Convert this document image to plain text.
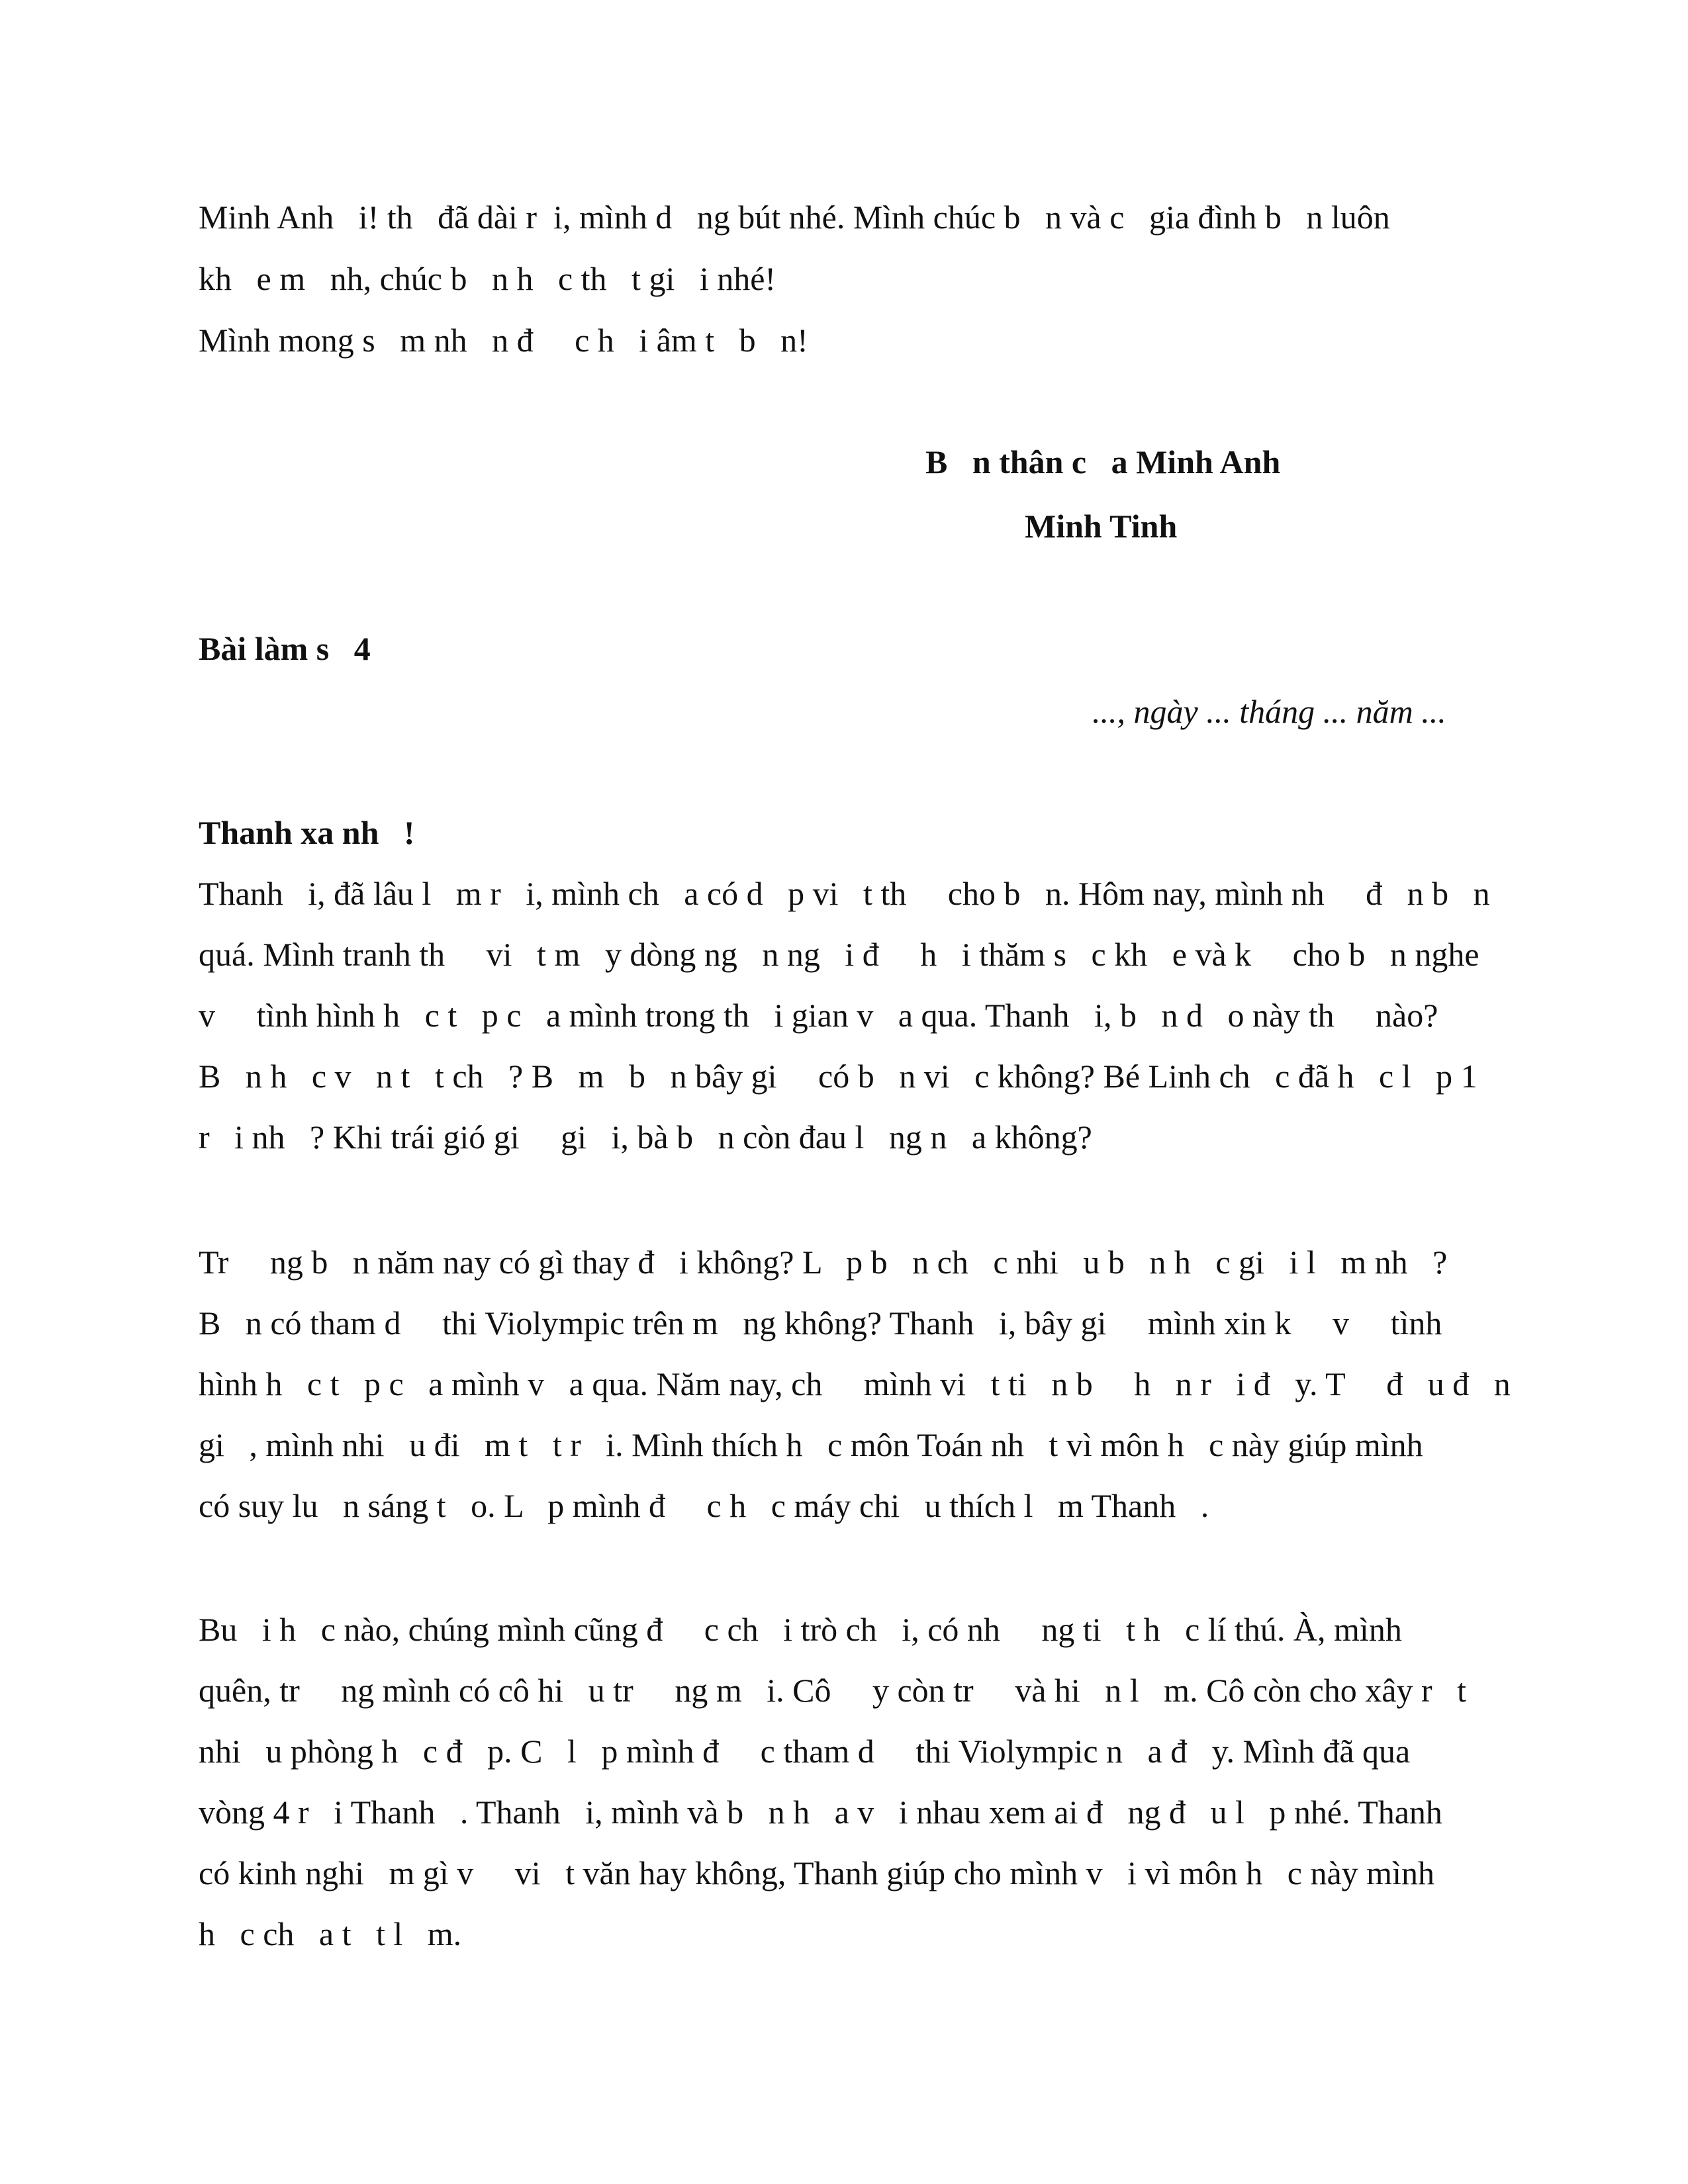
Minh Anh   i! th   đã dài r  i, mình d   ng bút nhé. Mình chúc b   n và c   gia đình b   n luôn

kh   e m   nh, chúc b   n h   c th   t gi   i nhé!

Mình mong s   m nh   n đ     c h   i âm t   b   n!

B   n thân c   a Minh Anh

Minh Tinh

Bài làm s   4

..., ngày ... tháng ... năm ...

Thanh xa nh   !

Thanh   i, đã lâu l   m r   i, mình ch   a có d   p vi   t th     cho b   n. Hôm nay, mình nh     đ   n b   n

quá. Mình tranh th     vi   t m   y dòng ng   n ng   i đ     h   i thăm s   c kh   e và k     cho b   n nghe

v     tình hình h   c t   p c   a mình trong th   i gian v   a qua. Thanh   i, b   n d   o này th     nào?

B   n h   c v   n t   t ch   ? B   m   b   n bây gi     có b   n vi   c không? Bé Linh ch   c đã h   c l   p 1

r   i nh   ? Khi trái gió gi     gi   i, bà b   n còn đau l   ng n   a không?

Tr     ng b   n năm nay có gì thay đ   i không? L   p b   n ch   c nhi   u b   n h   c gi   i l   m nh   ?

B   n có tham d     thi Violympic trên m   ng không? Thanh   i, bây gi     mình xin k     v     tình

hình h   c t   p c   a mình v   a qua. Năm nay, ch     mình vi   t ti   n b     h   n r   i đ   y. T     đ   u đ   n

gi   , mình nhi   u đi   m t   t r   i. Mình thích h   c môn Toán nh   t vì môn h   c này giúp mình

có suy lu   n sáng t   o. L   p mình đ     c h   c máy chi   u thích l   m Thanh   .

Bu   i h   c nào, chúng mình cũng đ     c ch   i trò ch   i, có nh     ng ti   t h   c lí thú. À, mình

quên, tr     ng mình có cô hi   u tr     ng m   i. Cô     y còn tr     và hi   n l   m. Cô còn cho xây r   t

nhi   u phòng h   c đ   p. C   l   p mình đ     c tham d     thi Violympic n   a đ   y. Mình đã qua

vòng 4 r   i Thanh   . Thanh   i, mình và b   n h   a v   i nhau xem ai đ   ng đ   u l   p nhé. Thanh

có kinh nghi   m gì v     vi   t văn hay không, Thanh giúp cho mình v   i vì môn h   c này mình

h   c ch   a t   t l   m.
